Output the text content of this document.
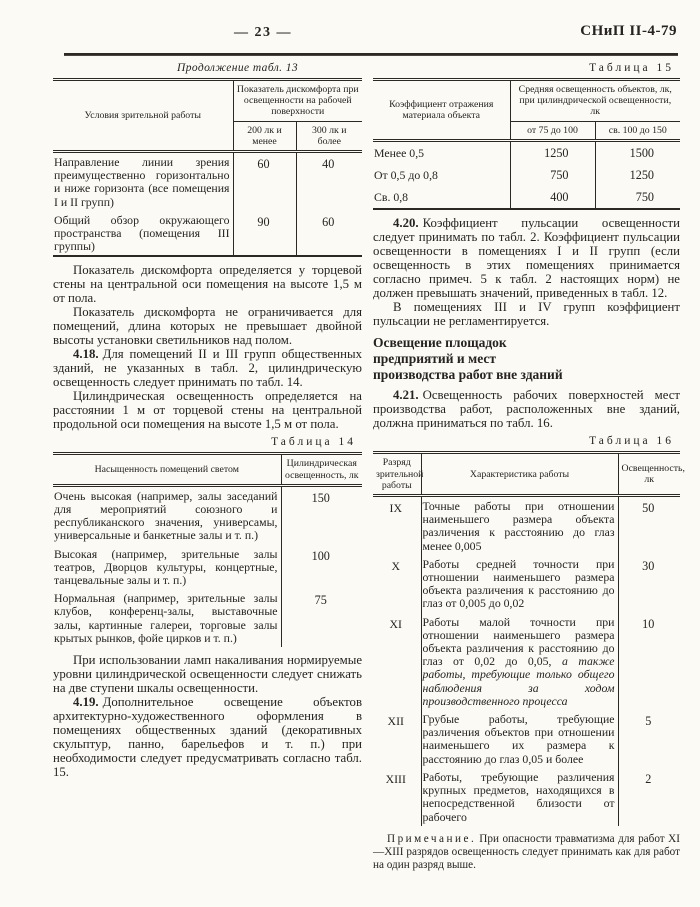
— 23 —	СНиП II-4-79
Продолжение табл. 13
Условия зрительной работы	Показатель дискомфорта при освещенности на рабочей поверхности	
	200 лк и менее	300 лк и более
Направление линии зрения преимущественно горизонтально и ниже горизонта (все помещения I и II групп)	60	40
Общий обзор окружающего пространства (помещения III группы)	90	60

Показатель дискомфорта определяется у торцевой стены на центральной оси помещения на высоте 1,5 м от пола.

Показатель дискомфорта не ограничивается для помещений, длина которых не превышает двойной высоты установки светильников над полом.

4.18. Для помещений II и III групп общественных зданий, не указанных в табл. 2, цилиндрическую освещенность следует принимать по табл. 14.

Цилиндрическая освещенность определяется на расстоянии 1 м от торцевой стены на центральной продольной оси помещения на высоте 1,5 м от пола.

Таблица 14
Насыщенность помещений светом	Цилиндрическая освещенность, лк
Очень высокая (например, залы заседаний для мероприятий союзного и республиканского значения, универсамы, универсальные и банкетные залы и т. п.)	150
Высокая (например, зрительные залы театров, Дворцов культуры, концертные, танцевальные залы и т. п.)	100
Нормальная (например, зрительные залы клубов, конференц-залы, выставочные залы, картинные галереи, торговые залы крытых рынков, фойе цирков и т. п.)	75

При использовании ламп накаливания нормируемые уровни цилиндрической освещенности следует снижать на две ступени шкалы освещенности.

4.19. Дополнительное освещение объектов архитектурно-художественного оформления в помещениях общественных зданий (декоративных скульптур, панно, барельефов и т. п.) при необходимости следует предусматривать согласно табл. 15.

Таблица 15
Коэффициент отражения материала объекта	Средняя освещенность объектов, лк, при цилиндрической освещенности, лк	
	от 75 до 100	св. 100 до 150
Менее 0,5	1250	1500
От 0,5 до 0,8	750	1250
Св. 0,8	400	750

4.20. Коэффициент пульсации освещенности следует принимать по табл. 2. Коэффициент пульсации освещенности в помещениях I и II групп (если освещенность в этих помещениях принимается согласно примеч. 5 к табл. 2 настоящих норм) не должен превышать значений, приведенных в табл. 12.

В помещениях III и IV групп коэффициент пульсации не регламентируется.

Освещение площадок предприятий и мест производства работ вне зданий

4.21. Освещенность рабочих поверхностей мест производства работ, расположенных вне зданий, должна приниматься по табл. 16.

Таблица 16
Разряд зрительной работы	Характеристика работы	Освещенность, лк
IX	Точные работы при отношении наименьшего размера объекта различения к расстоянию до глаз менее 0,005	50
X	Работы средней точности при отношении наименьшего размера объекта различения к расстоянию до глаз от 0,005 до 0,02	30
XI	Работы малой точности при отношении наименьшего размера объекта различения к расстоянию до глаз от 0,02 до 0,05, а также работы, требующие только общего наблюдения за ходом производственного процесса	10
XII	Грубые работы, требующие различения объектов при отношении наименьшего их размера к расстоянию до глаз 0,05 и более	5
XIII	Работы, требующие различения крупных предметов, находящихся в непосредственной близости от рабочего	2

Примечание. При опасности травматизма для работ XI—XIII разрядов освещенность следует принимать как для работ на один разряд выше.
